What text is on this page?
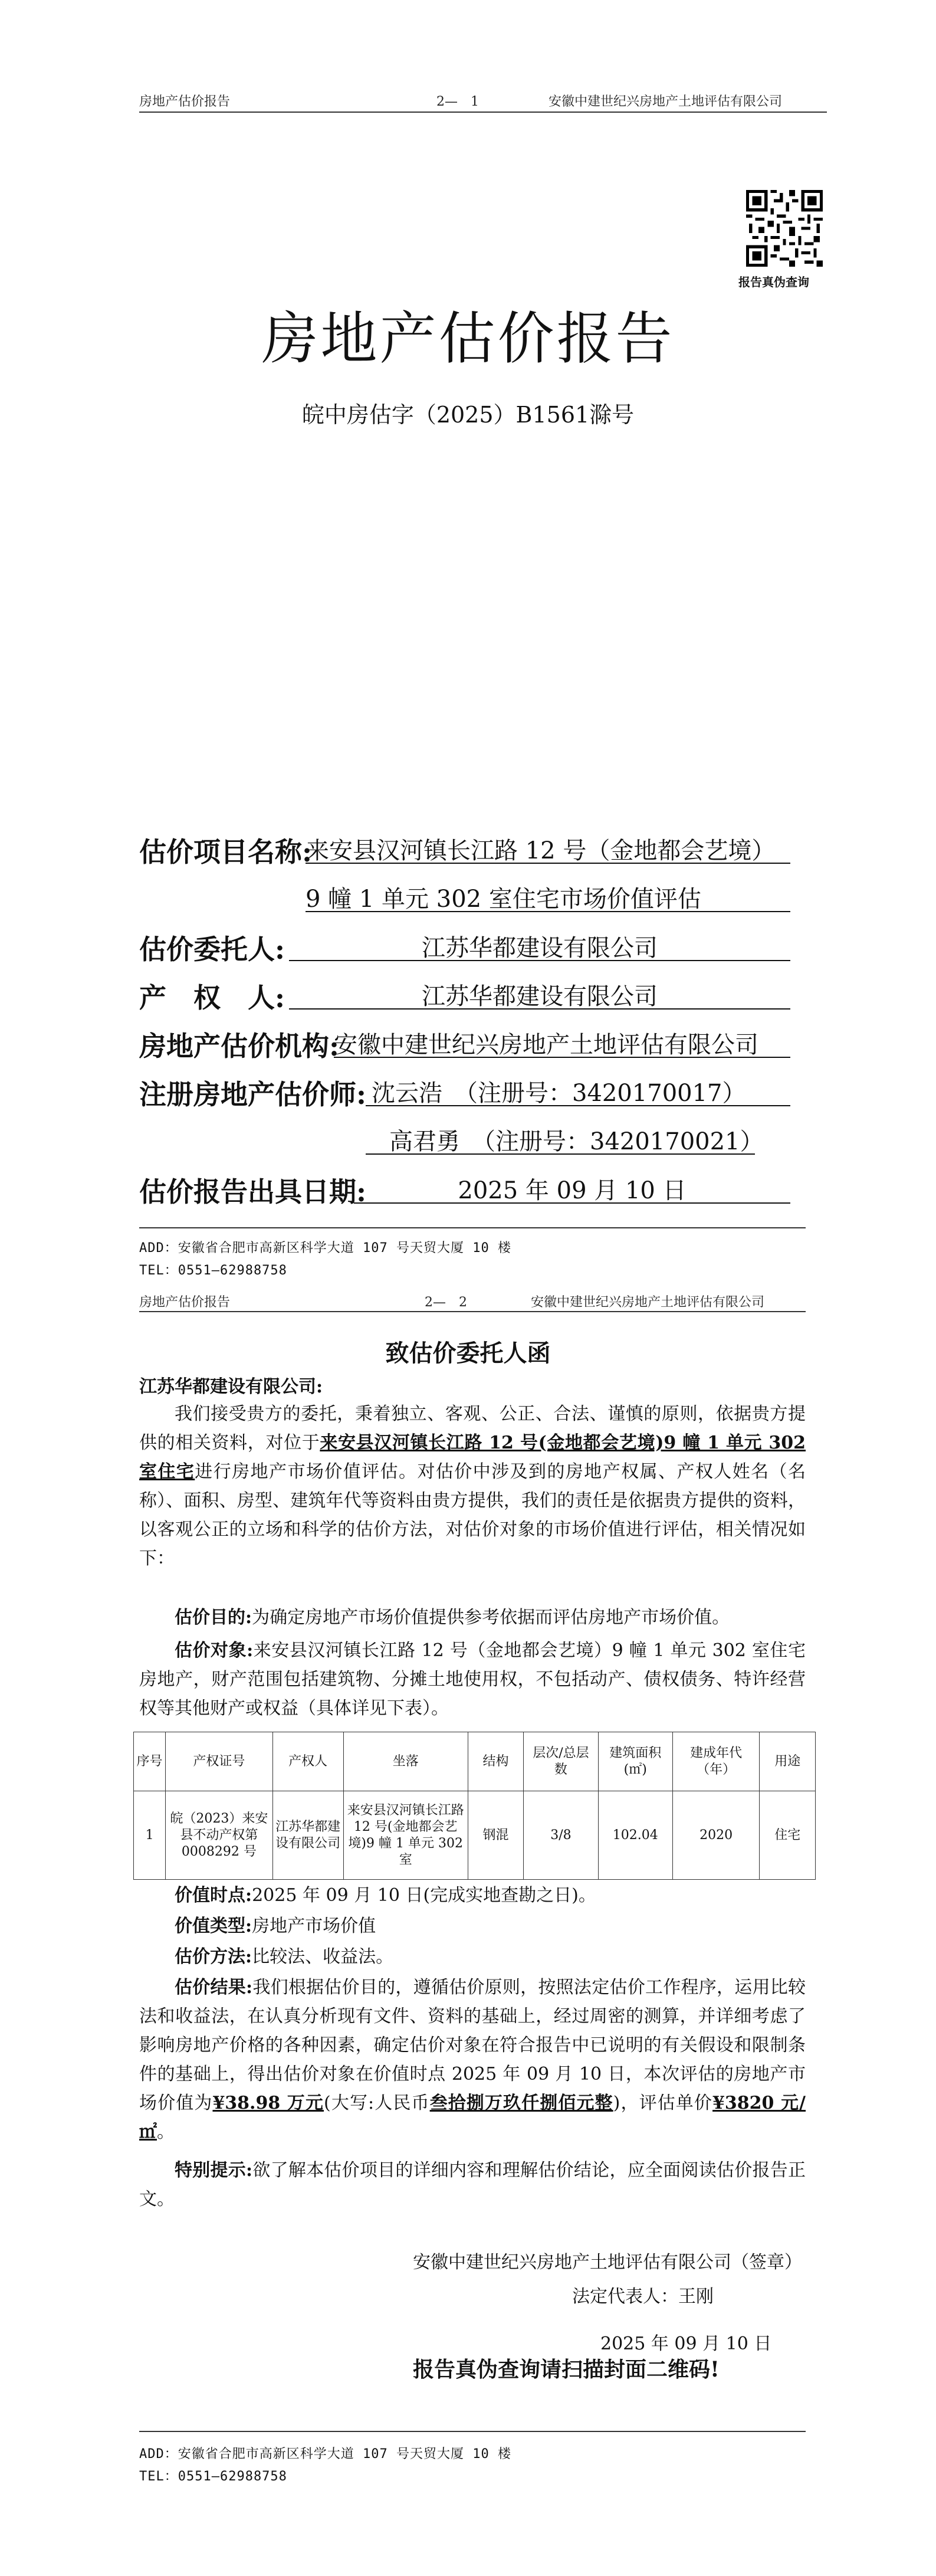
房地产估价报告	2—　1	安徽中建世纪兴房地产土地评估有限公司
报告真伪查询
房地产估价报告
皖中房估字（2025）B1561滁号
估价项目名称:
来安县汉河镇长江路 12 号（金地都会艺境）
9 幢 1 单元 302 室住宅市场价值评估
估价委托人:	江苏华都建设有限公司
产　权　人:	江苏华都建设有限公司
房地产估价机构:
安徽中建世纪兴房地产土地评估有限公司
注册房地产估价师: 沈云浩　（注册号：3420170017）
高君勇　（注册号：3420170021）
估价报告出具日期:	2025 年 09 月 10 日
ADD：安徽省合肥市高新区科学大道 107 号天贸大厦 10 楼
TEL：0551—62988758
房地产估价报告	2—　2	安徽中建世纪兴房地产土地评估有限公司
致估价委托人函
江苏华都建设有限公司:
我们接受贵方的委托，秉着独立、客观、公正、合法、谨慎的原则，依据贵方提供的相关资料，对位于来安县汉河镇长江路 12 号(金地都会艺境)9 幢 1 单元 302 室住宅进行房地产市场价值评估。对估价中涉及到的房地产权属、产权人姓名（名称）、面积、房型、建筑年代等资料由贵方提供，我们的责任是依据贵方提供的资料，以客观公正的立场和科学的估价方法，对估价对象的市场价值进行评估，相关情况如下：
估价目的:为确定房地产市场价值提供参考依据而评估房地产市场价值。
估价对象:来安县汉河镇长江路 12 号（金地都会艺境）9 幢 1 单元 302 室住宅房地产，财产范围包括建筑物、分摊土地使用权，不包括动产、债权债务、特许经营权等其他财产或权益（具体详见下表）。
序号	产权证号	产权人	坐落	结构	层次/总层数	建筑面积(㎡)	建成年代（年）	用途
1	皖（2023）来安县不动产权第0008292 号	江苏华都建设有限公司	来安县汉河镇长江路 12 号(金地都会艺境)9 幢 1 单元 302 室	钢混	3/8	102.04	2020	住宅
价值时点:2025 年 09 月 10 日(完成实地查勘之日)。
价值类型:房地产市场价值
估价方法:比较法、收益法。
估价结果:我们根据估价目的，遵循估价原则，按照法定估价工作程序，运用比较法和收益法，在认真分析现有文件、资料的基础上，经过周密的测算，并详细考虑了影响房地产价格的各种因素，确定估价对象在符合报告中已说明的有关假设和限制条件的基础上，得出估价对象在价值时点 2025 年 09 月 10 日，本次评估的房地产市场价值为¥38.98 万元(大写:人民币叁拾捌万玖仟捌佰元整)，评估单价¥3820 元/㎡。
特别提示:欲了解本估价项目的详细内容和理解估价结论，应全面阅读估价报告正文。
安徽中建世纪兴房地产土地评估有限公司（签章）
法定代表人：王刚
2025 年 09 月 10 日
报告真伪查询请扫描封面二维码!
ADD：安徽省合肥市高新区科学大道 107 号天贸大厦 10 楼
TEL：0551—62988758
